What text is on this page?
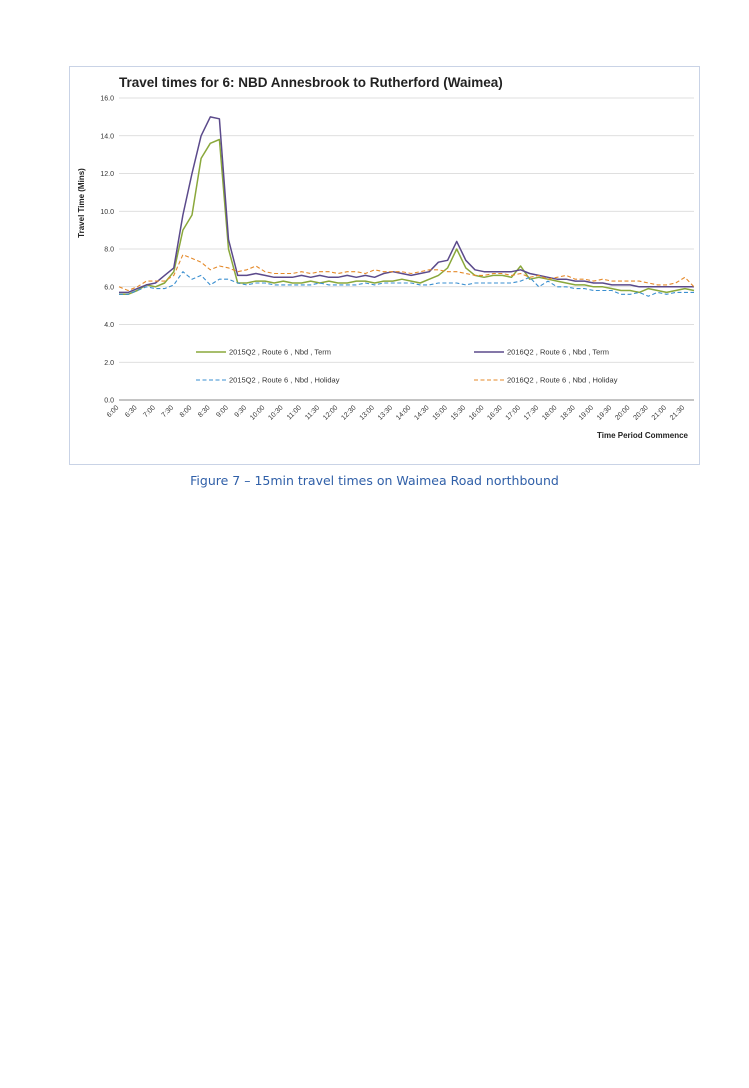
Travel times for 6: NBD Annesbrook to Rutherford (Waimea)
Travel Time (Mins)
Time Period Commence
0.0
2.0
4.0
6.0
8.0
10.0
12.0
14.0
16.0
6:00 6:30 7:00 7:30 8:00 8:30 9:00 9:30 10:00 10:30 11:00 11:30 12:00 12:30 13:00 13:30 14:00 14:30 15:00 15:30 16:00 16:30 17:00 17:30 18:00 18:30 19:00 19:30 20:00 20:30 21:00 21:30
2015Q2 , Route 6 , Nbd , Term	2016Q2 , Route 6 , Nbd , Term
2015Q2 , Route 6 , Nbd , Holiday	2016Q2 , Route 6 , Nbd , Holiday
Figure 7 – 15min travel times on Waimea Road northbound
